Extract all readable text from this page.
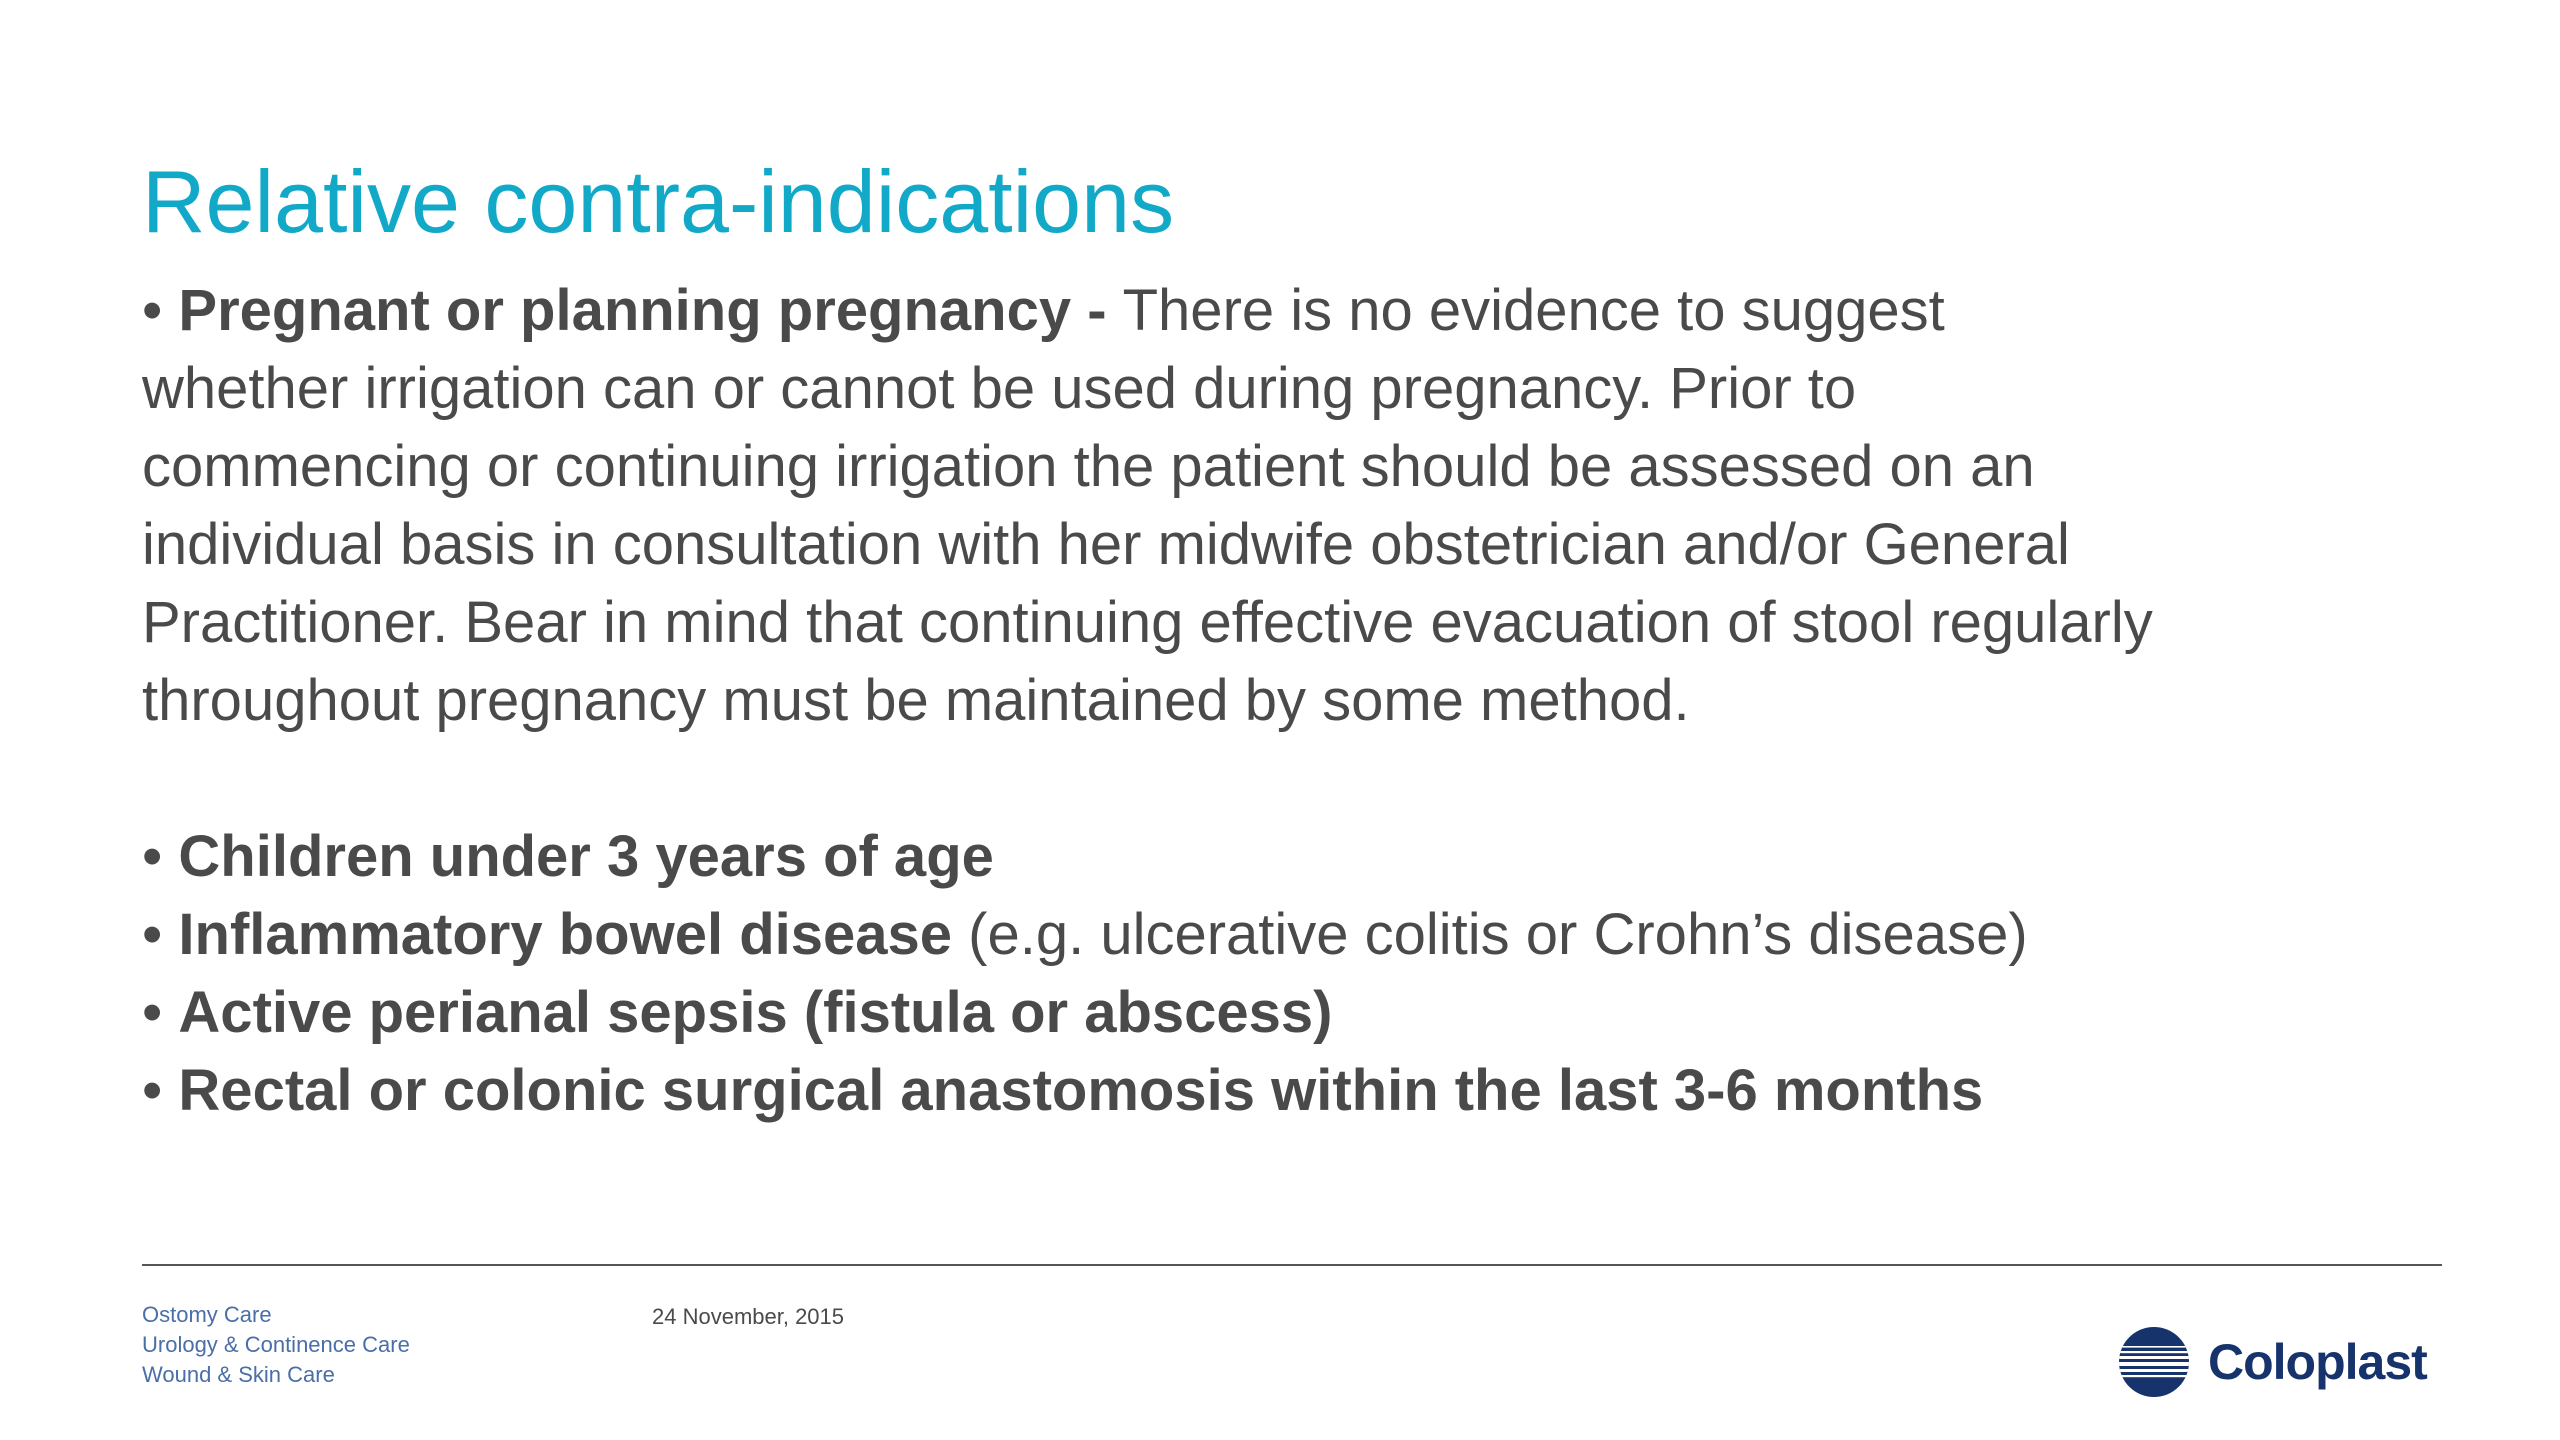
Relative contra-indications

• Pregnant or planning pregnancy - There is no evidence to suggest

whether irrigation can or cannot be used during pregnancy. Prior to

commencing or continuing irrigation the patient should be assessed on an

individual basis in consultation with her midwife obstetrician and/or General

Practitioner. Bear in mind that continuing effective evacuation of stool regularly

throughout pregnancy must be maintained by some method.

• Children under 3 years of age

• Inflammatory bowel disease (e.g. ulcerative colitis or Crohn’s disease)

• Active perianal sepsis (fistula or abscess)

• Rectal or colonic surgical anastomosis within the last 3-6 months

Ostomy Care
Urology & Continence Care
Wound & Skin Care
24 November, 2015
Coloplast
